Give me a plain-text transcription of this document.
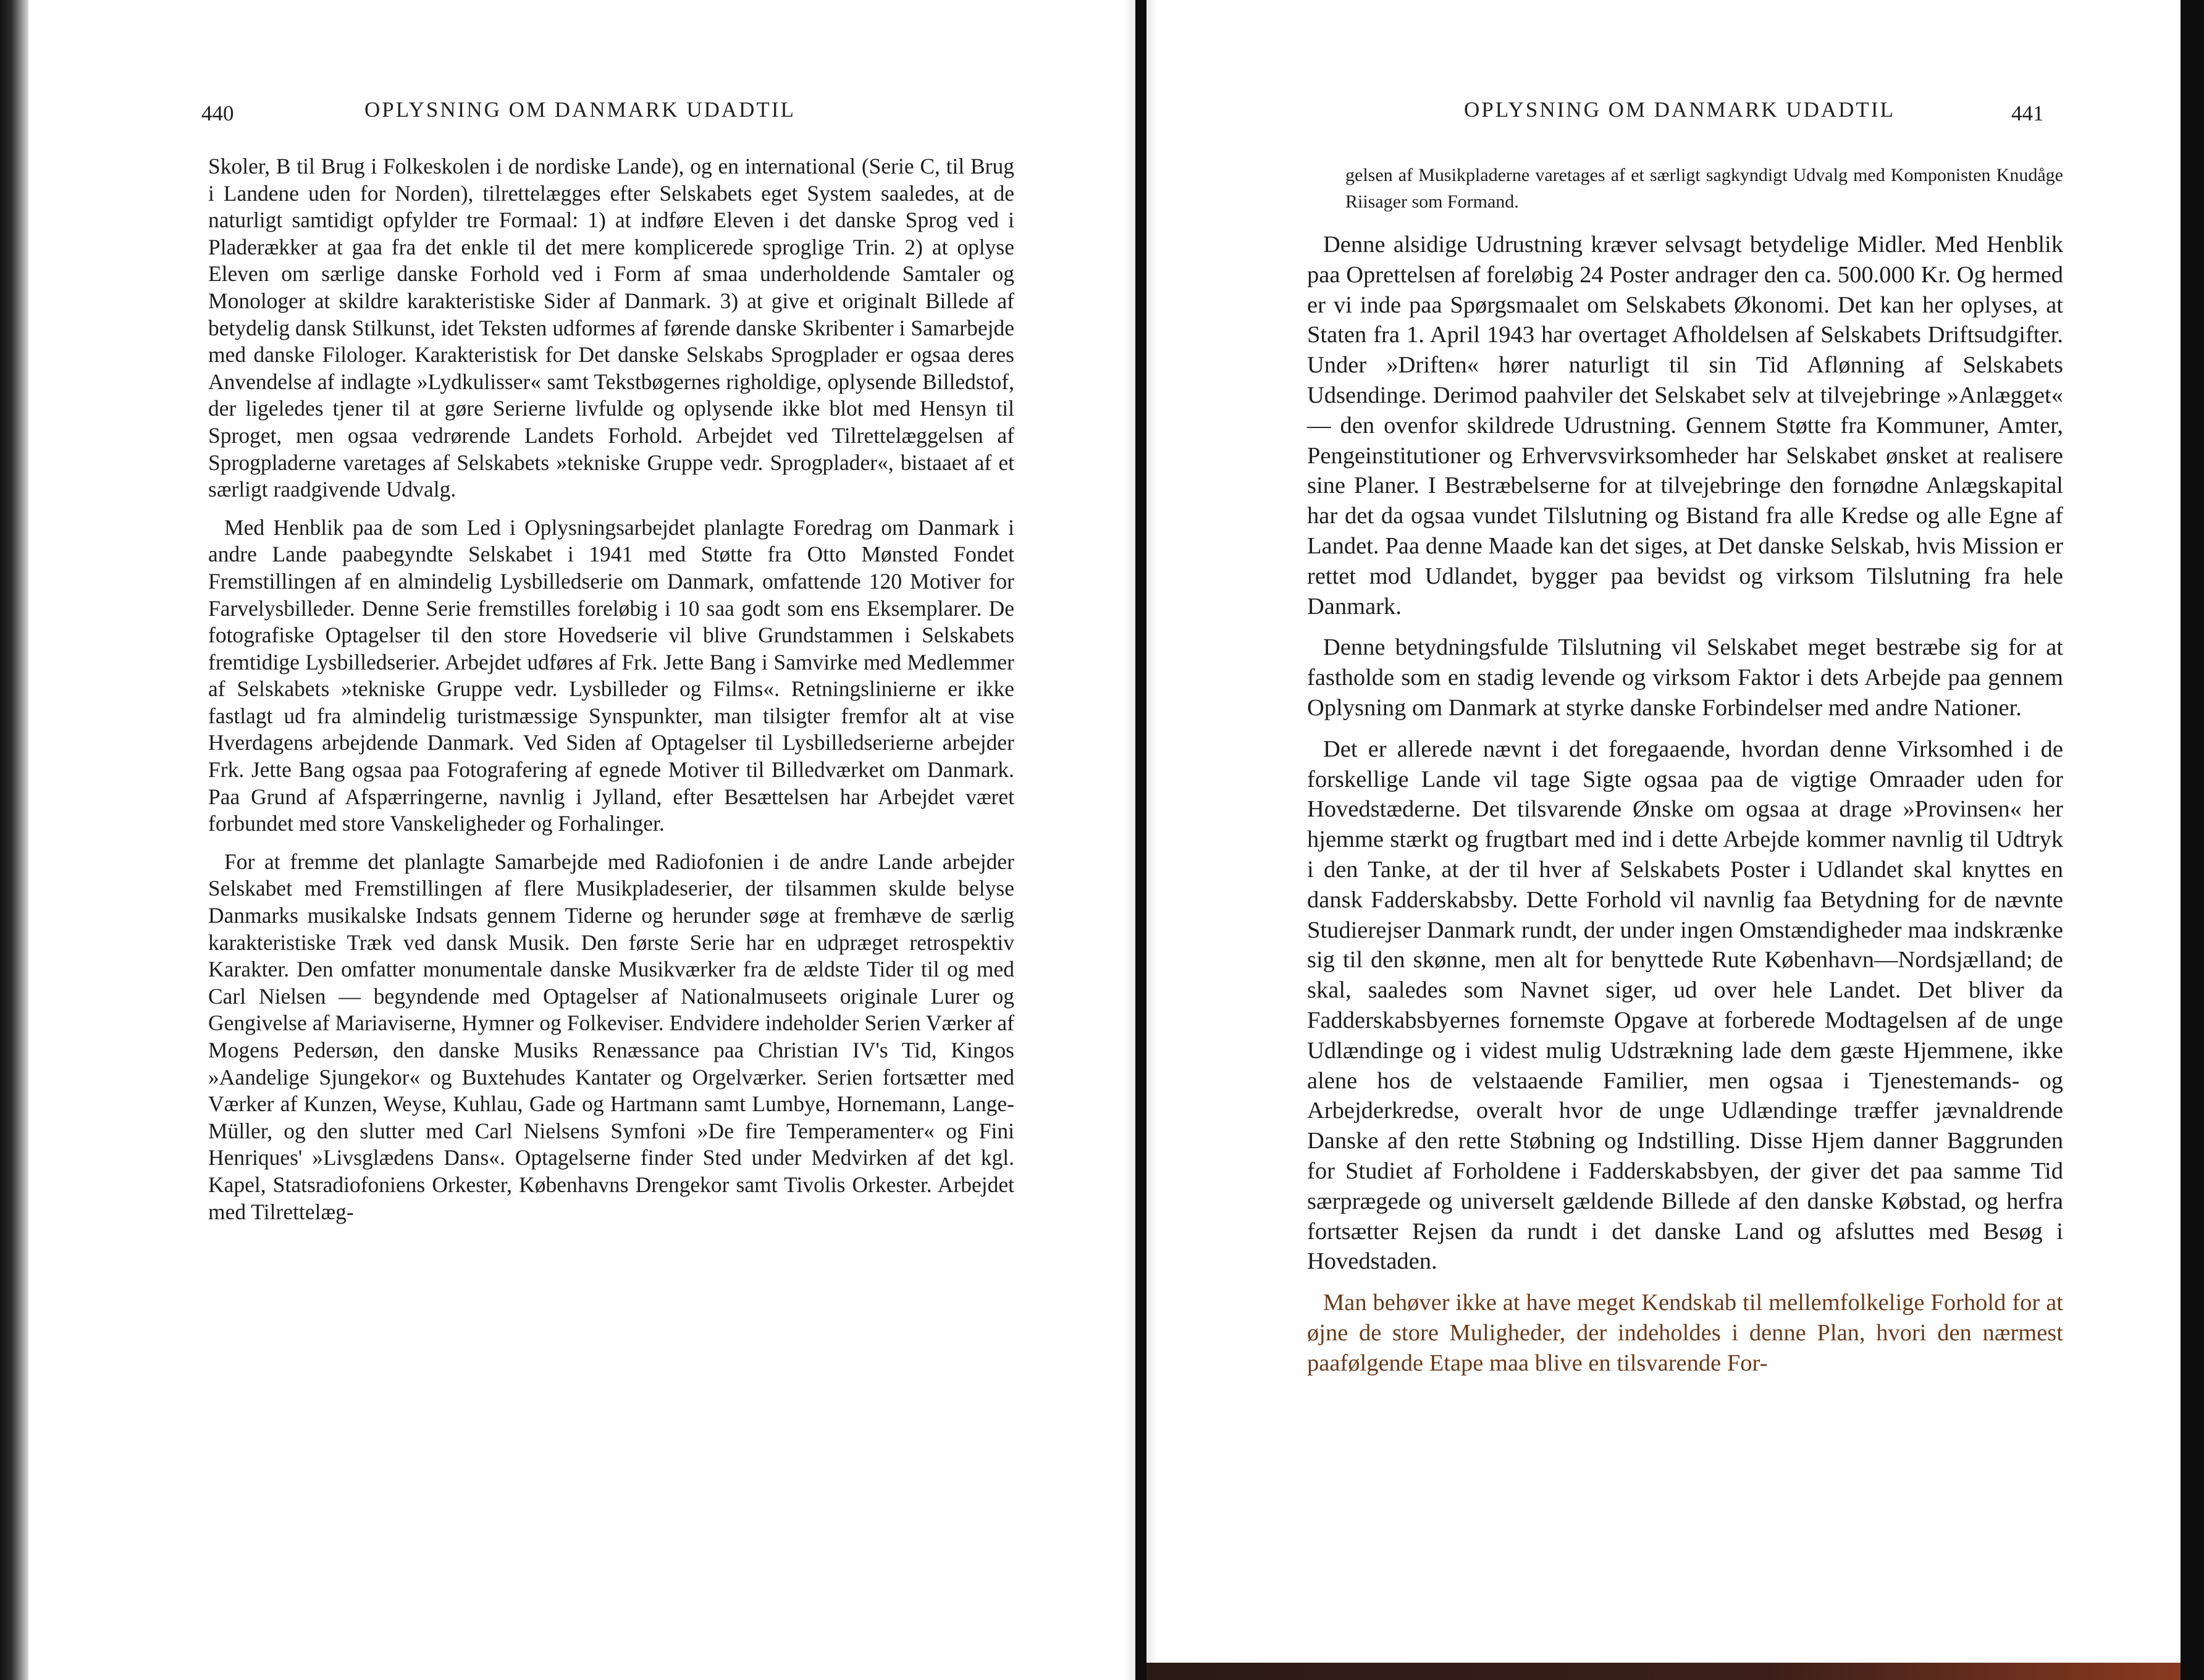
440	OPLYSNING OM DANMARK UDADTIL

Skoler, B til Brug i Folkeskolen i de nordiske Lande), og en international (Serie C, til Brug i Landene uden for Norden), tilrettelægges efter Selskabets eget System saaledes, at de naturligt samtidigt opfylder tre Formaal: 1) at indføre Eleven i det danske Sprog ved i Pladerækker at gaa fra det enkle til det mere komplicerede sproglige Trin. 2) at oplyse Eleven om særlige danske Forhold ved i Form af smaa underholdende Samtaler og Monologer at skildre karakteristiske Sider af Danmark. 3) at give et originalt Billede af betydelig dansk Stilkunst, idet Teksten udformes af førende danske Skribenter i Samarbejde med danske Filologer. Karakteristisk for Det danske Selskabs Sprogplader er ogsaa deres Anvendelse af indlagte »Lydkulisser« samt Tekstbøgernes righoldige, oplysende Billedstof, der ligeledes tjener til at gøre Serierne livfulde og oplysende ikke blot med Hensyn til Sproget, men ogsaa vedrørende Landets Forhold. Arbejdet ved Tilrettelæggelsen af Sprogpladerne varetages af Selskabets »tekniske Gruppe vedr. Sprogplader«, bistaaet af et særligt raadgivende Udvalg.

Med Henblik paa de som Led i Oplysningsarbejdet planlagte Foredrag om Danmark i andre Lande paabegyndte Selskabet i 1941 med Støtte fra Otto Mønsted Fondet Fremstillingen af en almindelig Lysbilledserie om Danmark, omfattende 120 Motiver for Farvelysbilleder. Denne Serie fremstilles foreløbig i 10 saa godt som ens Eksemplarer. De fotografiske Optagelser til den store Hovedserie vil blive Grundstammen i Selskabets fremtidige Lysbilledserier. Arbejdet udføres af Frk. Jette Bang i Samvirke med Medlemmer af Selskabets »tekniske Gruppe vedr. Lysbilleder og Films«. Retningslinierne er ikke fastlagt ud fra almindelig turistmæssige Synspunkter, man tilsigter fremfor alt at vise Hverdagens arbejdende Danmark. Ved Siden af Optagelser til Lysbilledserierne arbejder Frk. Jette Bang ogsaa paa Fotografering af egnede Motiver til Billedværket om Danmark. Paa Grund af Afspærringerne, navnlig i Jylland, efter Besættelsen har Arbejdet været forbundet med store Vanskeligheder og Forhalinger.

For at fremme det planlagte Samarbejde med Radiofonien i de andre Lande arbejder Selskabet med Fremstillingen af flere Musikpladeserier, der tilsammen skulde belyse Danmarks musikalske Indsats gennem Tiderne og herunder søge at fremhæve de særlig karakteristiske Træk ved dansk Musik. Den første Serie har en udpræget retrospektiv Karakter. Den omfatter monumentale danske Musikværker fra de ældste Tider til og med Carl Nielsen — begyndende med Optagelser af Nationalmuseets originale Lurer og Gengivelse af Mariaviserne, Hymner og Folkeviser. Endvidere indeholder Serien Værker af Mogens Pedersøn, den danske Musiks Renæssance paa Christian IV's Tid, Kingos »Aandelige Sjungekor« og Buxtehudes Kantater og Orgelværker. Serien fortsætter med Værker af Kunzen, Weyse, Kuhlau, Gade og Hartmann samt Lumbye, Hornemann, Lange-Müller, og den slutter med Carl Nielsens Symfoni »De fire Temperamenter« og Fini Henriques' »Livsglædens Dans«. Optagelserne finder Sted under Medvirken af det kgl. Kapel, Statsradiofoniens Orkester, Københavns Drengekor samt Tivolis Orkester. Arbejdet med Tilrettelæg-

OPLYSNING OM DANMARK UDADTIL	441

gelsen af Musikpladerne varetages af et særligt sagkyndigt Udvalg med Komponisten Knudåge Riisager som Formand.

Denne alsidige Udrustning kræver selvsagt betydelige Midler. Med Henblik paa Oprettelsen af foreløbig 24 Poster andrager den ca. 500.000 Kr. Og hermed er vi inde paa Spørgsmaalet om Selskabets Økonomi. Det kan her oplyses, at Staten fra 1. April 1943 har overtaget Afholdelsen af Selskabets Driftsudgifter. Under »Driften« hører naturligt til sin Tid Aflønning af Selskabets Udsendinge. Derimod paahviler det Selskabet selv at tilvejebringe »Anlægget« — den ovenfor skildrede Udrustning. Gennem Støtte fra Kommuner, Amter, Pengeinstitutioner og Erhvervsvirksomheder har Selskabet ønsket at realisere sine Planer. I Bestræbelserne for at tilvejebringe den fornødne Anlægskapital har det da ogsaa vundet Tilslutning og Bistand fra alle Kredse og alle Egne af Landet. Paa denne Maade kan det siges, at Det danske Selskab, hvis Mission er rettet mod Udlandet, bygger paa bevidst og virksom Tilslutning fra hele Danmark.

Denne betydningsfulde Tilslutning vil Selskabet meget bestræbe sig for at fastholde som en stadig levende og virksom Faktor i dets Arbejde paa gennem Oplysning om Danmark at styrke danske Forbindelser med andre Nationer.

Det er allerede nævnt i det foregaaende, hvordan denne Virksomhed i de forskellige Lande vil tage Sigte ogsaa paa de vigtige Omraader uden for Hovedstæderne. Det tilsvarende Ønske om ogsaa at drage »Provinsen« her hjemme stærkt og frugtbart med ind i dette Arbejde kommer navnlig til Udtryk i den Tanke, at der til hver af Selskabets Poster i Udlandet skal knyttes en dansk Fadderskabsby. Dette Forhold vil navnlig faa Betydning for de nævnte Studierejser Danmark rundt, der under ingen Omstændigheder maa indskrænke sig til den skønne, men alt for benyttede Rute København—Nordsjælland; de skal, saaledes som Navnet siger, ud over hele Landet. Det bliver da Fadderskabsbyernes fornemste Opgave at forberede Modtagelsen af de unge Udlændinge og i videst mulig Udstrækning lade dem gæste Hjemmene, ikke alene hos de velstaaende Familier, men ogsaa i Tjenestemands- og Arbejderkredse, overalt hvor de unge Udlændinge træffer jævnaldrende Danske af den rette Støbning og Indstilling. Disse Hjem danner Baggrunden for Studiet af Forholdene i Fadderskabsbyen, der giver det paa samme Tid særprægede og universelt gældende Billede af den danske Købstad, og herfra fortsætter Rejsen da rundt i det danske Land og afsluttes med Besøg i Hovedstaden.

Man behøver ikke at have meget Kendskab til mellemfolkelige Forhold for at øjne de store Muligheder, der indeholdes i denne Plan, hvori den nærmest paafølgende Etape maa blive en tilsvarende For-
